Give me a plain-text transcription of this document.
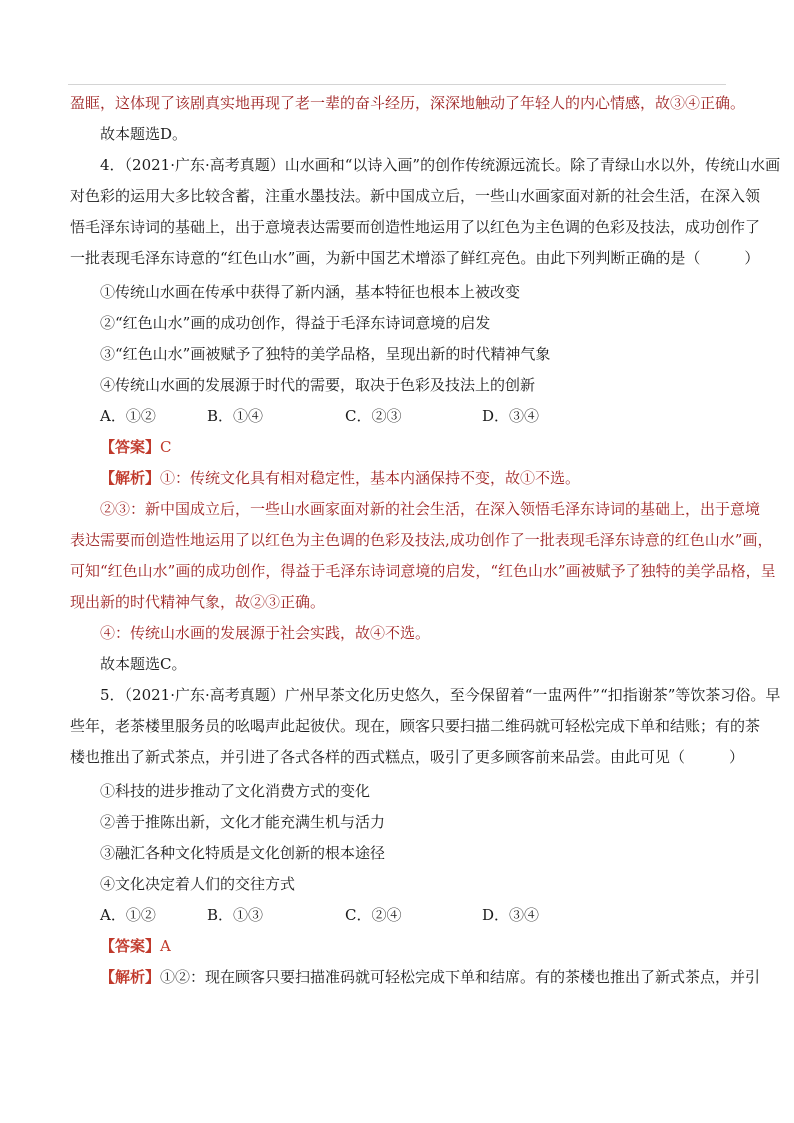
盈眶，这体现了该剧真实地再现了老一辈的奋斗经历，深深地触动了年轻人的内心情感，故③④正确。
故本题选D。
4．（2021·广东·高考真题）山水画和“以诗入画”的创作传统源远流长。除了青绿山水以外，传统山水画
对色彩的运用大多比较含蓄，注重水墨技法。新中国成立后，一些山水画家面对新的社会生活，在深入领
悟毛泽东诗词的基础上，出于意境表达需要而创造性地运用了以红色为主色调的色彩及技法，成功创作了
一批表现毛泽东诗意的“红色山水”画，为新中国艺术增添了鲜红亮色。由此下列判断正确的是（	）
①传统山水画在传承中获得了新内涵，基本特征也根本上被改变
②“红色山水”画的成功创作，得益于毛泽东诗词意境的启发
③“红色山水”画被赋予了独特的美学品格，呈现出新的时代精神气象
④传统山水画的发展源于时代的需要，取决于色彩及技法上的创新
A．①②	B．①④	C．②③	D．③④
【答案】C
【解析】①：传统文化具有相对稳定性，基本内涵保持不变，故①不选。
②③：新中国成立后，一些山水画家面对新的社会生活，在深入领悟毛泽东诗词的基础上，出于意境
表达需要而创造性地运用了以红色为主色调的色彩及技法,成功创作了一批表现毛泽东诗意的红色山水”画，
可知“红色山水”画的成功创作，得益于毛泽东诗词意境的启发，“红色山水”画被赋予了独特的美学品格，呈
现出新的时代精神气象，故②③正确。
④：传统山水画的发展源于社会实践，故④不选。
故本题选C。
5．（2021·广东·高考真题）广州早茶文化历史悠久，至今保留着“一盅两件”“扣指谢茶”等饮茶习俗。早
些年，老茶楼里服务员的吆喝声此起彼伏。现在，顾客只要扫描二维码就可轻松完成下单和结账；有的茶
楼也推出了新式茶点，并引进了各式各样的西式糕点，吸引了更多顾客前来品尝。由此可见（	）
①科技的进步推动了文化消费方式的变化
②善于推陈出新，文化才能充满生机与活力
③融汇各种文化特质是文化创新的根本途径
④文化决定着人们的交往方式
A．①②	B．①③	C．②④	D．③④
【答案】A
【解析】①②：现在顾客只要扫描准码就可轻松完成下单和结席。有的茶楼也推出了新式茶点，并引
